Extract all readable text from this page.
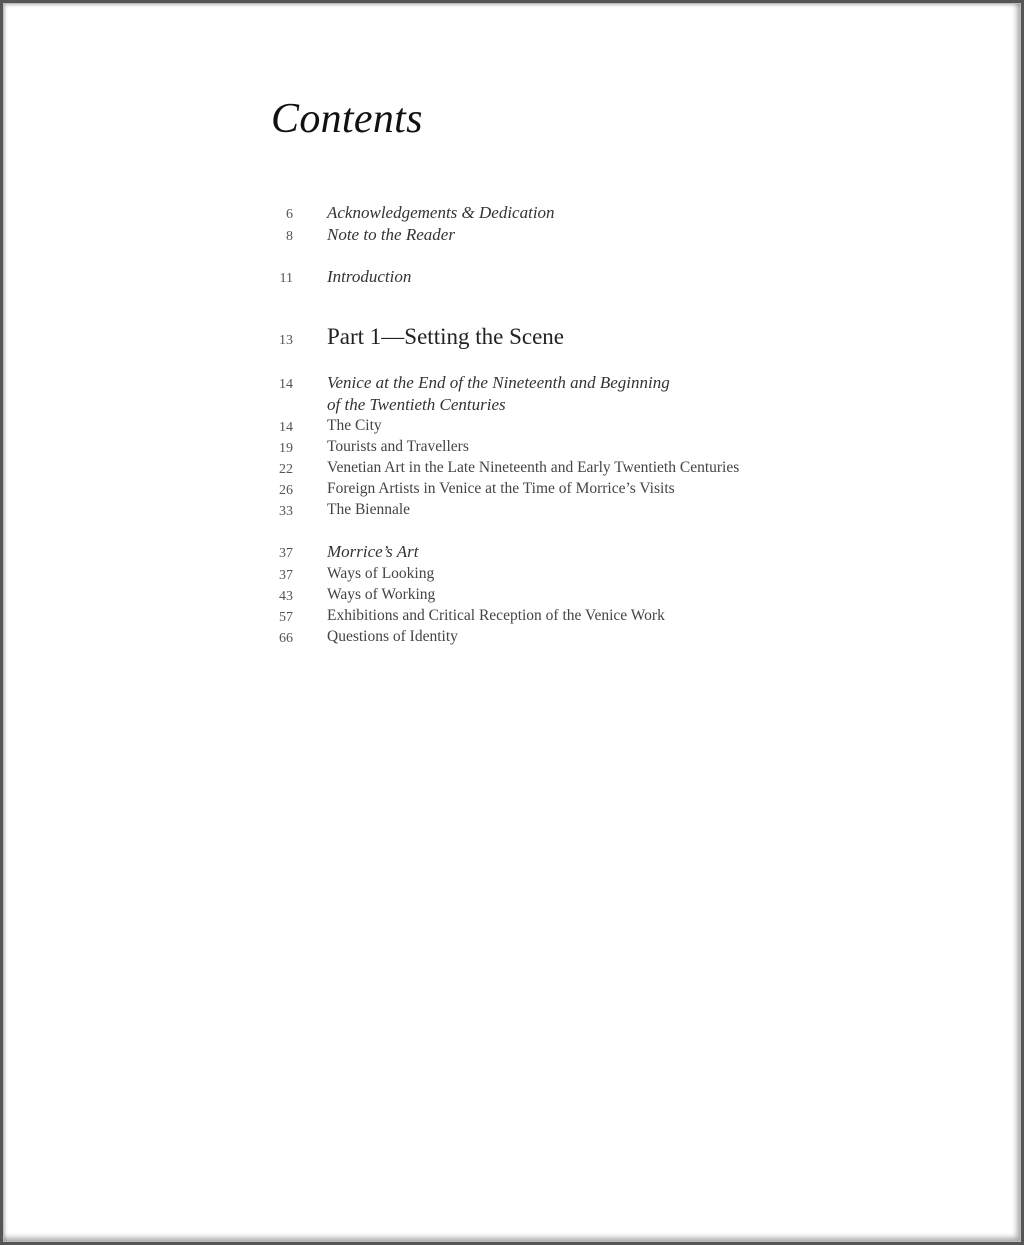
Contents
6 Acknowledgements & Dedication
8 Note to the Reader
11 Introduction
13 Part 1—Setting the Scene
14 Venice at the End of the Nineteenth and Beginning
of the Twentieth Centuries
14 The City
19 Tourists and Travellers
22 Venetian Art in the Late Nineteenth and Early Twentieth Centuries
26 Foreign Artists in Venice at the Time of Morrice’s Visits
33 The Biennale
37 Morrice’s Art
37 Ways of Looking
43 Ways of Working
57 Exhibitions and Critical Reception of the Venice Work
66 Questions of Identity
